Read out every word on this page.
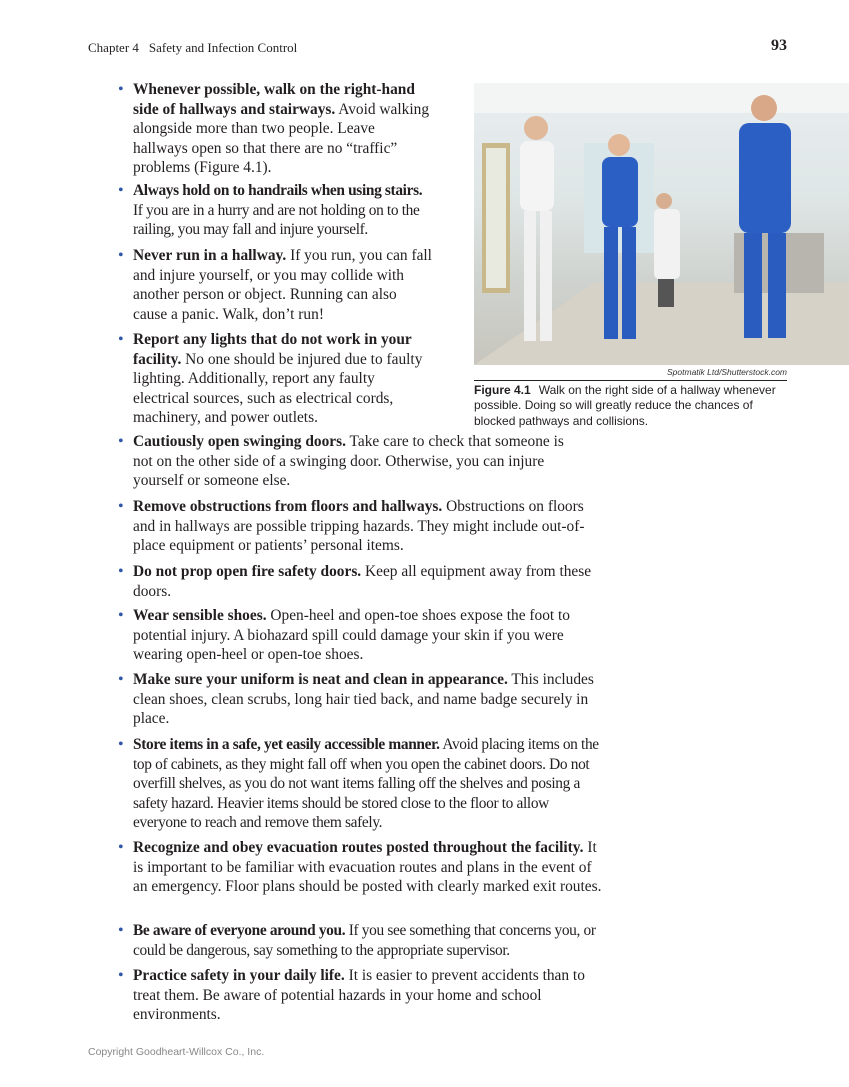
Chapter 4 Safety and Infection Control	93
• Whenever possible, walk on the right-hand side of hallways and stairways. Avoid walking alongside more than two people. Leave hallways open so that there are no “traffic” problems (Figure 4.1).
• Always hold on to handrails when using stairs. If you are in a hurry and are not holding on to the railing, you may fall and injure yourself.
• Never run in a hallway. If you run, you can fall and injure yourself, or you may collide with another person or object. Running can also cause a panic. Walk, don’t run!
• Report any lights that do not work in your facility. No one should be injured due to faulty lighting. Additionally, report any faulty electrical sources, such as electrical cords, machinery, and power outlets.
• Cautiously open swinging doors. Take care to check that someone is not on the other side of a swinging door. Otherwise, you can injure yourself or someone else.
• Remove obstructions from floors and hallways. Obstructions on floors and in hallways are possible tripping hazards. They might include out-of-place equipment or patients’ personal items.
• Do not prop open fire safety doors. Keep all equipment away from these doors.
• Wear sensible shoes. Open-heel and open-toe shoes expose the foot to potential injury. A biohazard spill could damage your skin if you were wearing open-heel or open-toe shoes.
• Make sure your uniform is neat and clean in appearance. This includes clean shoes, clean scrubs, long hair tied back, and name badge securely in place.
• Store items in a safe, yet easily accessible manner. Avoid placing items on the top of cabinets, as they might fall off when you open the cabinet doors. Do not overfill shelves, as you do not want items falling off the shelves and posing a safety hazard. Heavier items should be stored close to the floor to allow everyone to reach and remove them safely.
• Recognize and obey evacuation routes posted throughout the facility. It is important to be familiar with evacuation routes and plans in the event of an emergency. Floor plans should be posted with clearly marked exit routes.
• Be aware of everyone around you. If you see something that concerns you, or could be dangerous, say something to the appropriate supervisor.
• Practice safety in your daily life. It is easier to prevent accidents than to treat them. Be aware of potential hazards in your home and school environments.
Spotmatik Ltd/Shutterstock.com
Figure 4.1 Walk on the right side of a hallway whenever possible. Doing so will greatly reduce the chances of blocked pathways and collisions.
Copyright Goodheart-Willcox Co., Inc.
